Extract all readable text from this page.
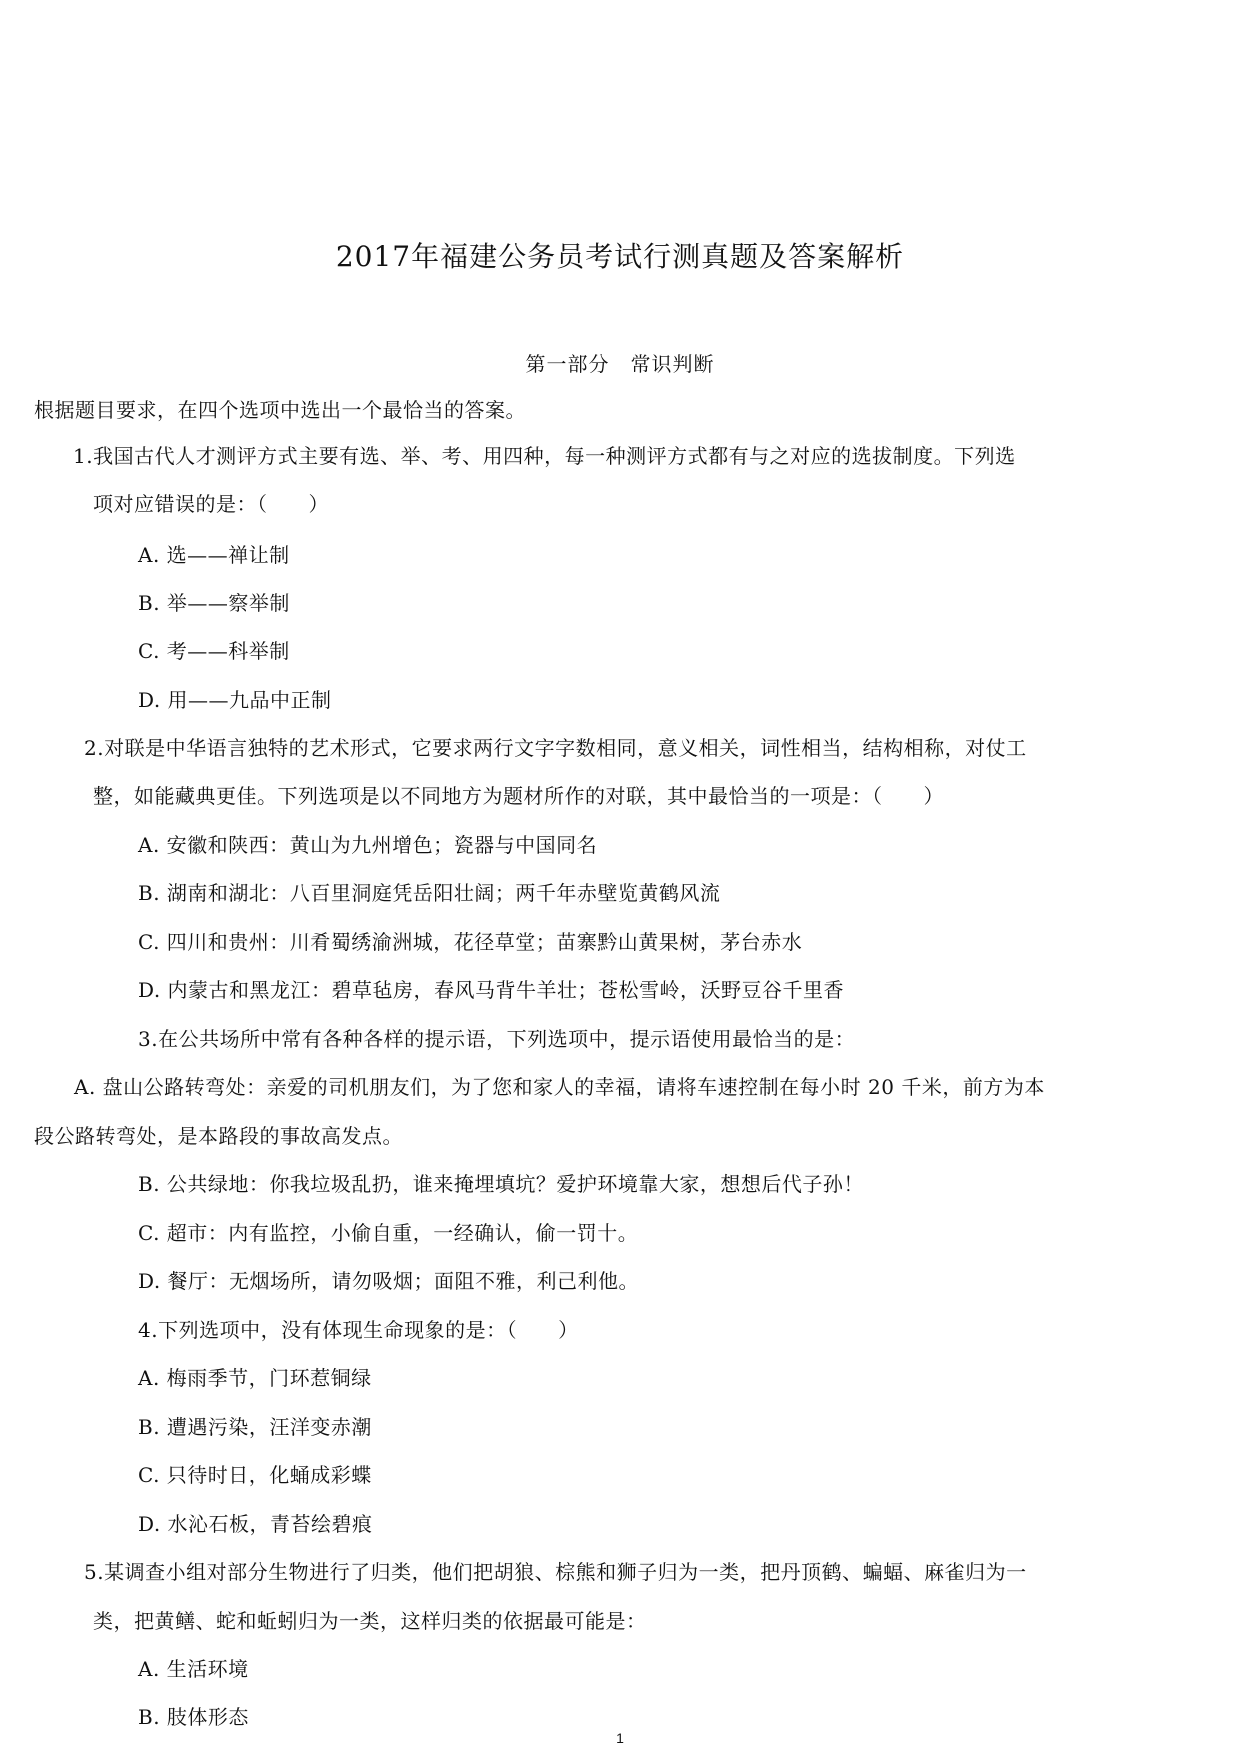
2017年福建公务员考试行测真题及答案解析
第一部分　常识判断
根据题目要求，在四个选项中选出一个最恰当的答案。
1.我国古代人才测评方式主要有选、举、考、用四种，每一种测评方式都有与之对应的选拔制度。下列选
项对应错误的是：（　　）
A. 选——禅让制
B. 举——察举制
C. 考——科举制
D. 用——九品中正制
2.对联是中华语言独特的艺术形式，它要求两行文字字数相同，意义相关，词性相当，结构相称，对仗工
整，如能藏典更佳。下列选项是以不同地方为题材所作的对联，其中最恰当的一项是：（　　）
A. 安徽和陕西：黄山为九州增色；瓷器与中国同名
B. 湖南和湖北：八百里洞庭凭岳阳壮阔；两千年赤壁览黄鹤风流
C. 四川和贵州：川肴蜀绣渝洲城，花径草堂；苗寨黔山黄果树，茅台赤水
D. 内蒙古和黑龙江：碧草毡房，春风马背牛羊壮；苍松雪岭，沃野豆谷千里香
3.在公共场所中常有各种各样的提示语，下列选项中，提示语使用最恰当的是：
A. 盘山公路转弯处：亲爱的司机朋友们，为了您和家人的幸福，请将车速控制在每小时 20 千米，前方为本
段公路转弯处，是本路段的事故高发点。
B. 公共绿地：你我垃圾乱扔，谁来掩埋填坑？爱护环境靠大家，想想后代子孙！
C. 超市：内有监控，小偷自重，一经确认，偷一罚十。
D. 餐厅：无烟场所，请勿吸烟；面阻不雅，利己利他。
4.下列选项中，没有体现生命现象的是：（　　）
A. 梅雨季节，门环惹铜绿
B. 遭遇污染，汪洋变赤潮
C. 只待时日，化蛹成彩蝶
D. 水沁石板，青苔绘碧痕
5.某调查小组对部分生物进行了归类，他们把胡狼、棕熊和狮子归为一类，把丹顶鹤、蝙蝠、麻雀归为一
类，把黄鳝、蛇和蚯蚓归为一类，这样归类的依据最可能是：
A. 生活环境
B. 肢体形态
1
